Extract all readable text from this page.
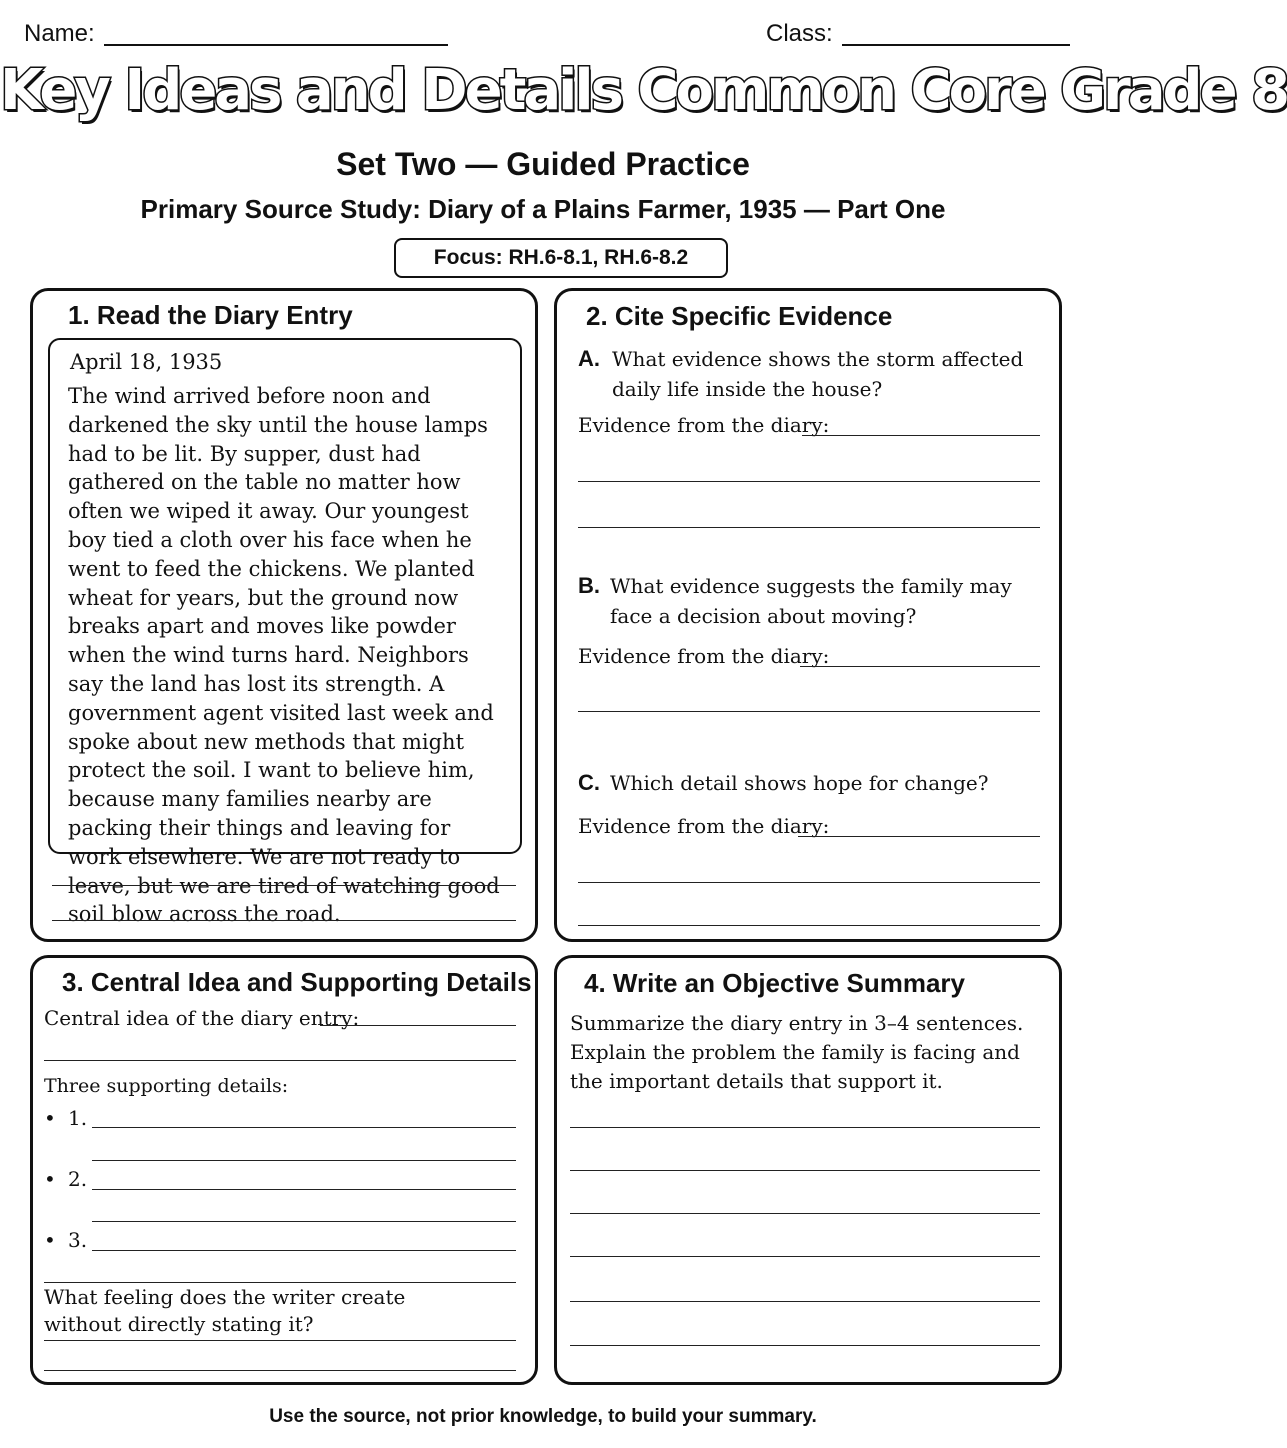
Name:	Class:
Key Ideas and Details Common Core Grade 8
Set Two — Guided Practice
Primary Source Study: Diary of a Plains Farmer, 1935 — Part One
Focus: RH.6-8.1, RH.6-8.2
1. Read the Diary Entry
April 18, 1935
The wind arrived before noon and darkened the sky until the house lamps had to be lit. By supper, dust had gathered on the table no matter how often we wiped it away. Our youngest boy tied a cloth over his face when he went to feed the chickens. We planted wheat for years, but the ground now breaks apart and moves like powder when the wind turns hard. Neighbors say the land has lost its strength. A government agent visited last week and spoke about new methods that might protect the soil. I want to believe him, because many families nearby are packing their things and leaving for work elsewhere. We are not ready to leave, but we are tired of watching good soil blow across the road.
2. Cite Specific Evidence
A. What evidence shows the storm affected daily life inside the house?
Evidence from the diary:
B. What evidence suggests the family may face a decision about moving?
Evidence from the diary:
C. Which detail shows hope for change?
Evidence from the diary:
3. Central Idea and Supporting Details
Central idea of the diary entry:
Three supporting details:
• 1.
• 2.
• 3.
What feeling does the writer create without directly stating it?
4. Write an Objective Summary
Summarize the diary entry in 3–4 sentences. Explain the problem the family is facing and the important details that support it.
Use the source, not prior knowledge, to build your summary.
